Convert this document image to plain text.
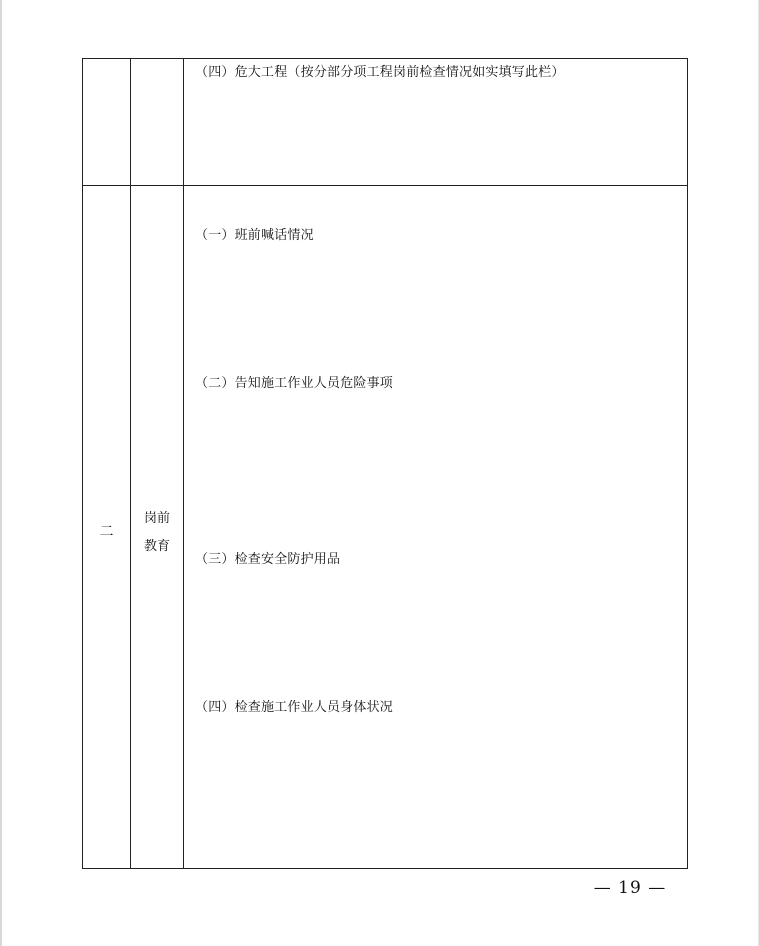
（四）危大工程（按分部分项工程岗前检查情况如实填写此栏）
二
岗前
教育
（一）班前喊话情况
（二）告知施工作业人员危险事项
（三）检查安全防护用品
（四）检查施工作业人员身体状况
— 19 —
